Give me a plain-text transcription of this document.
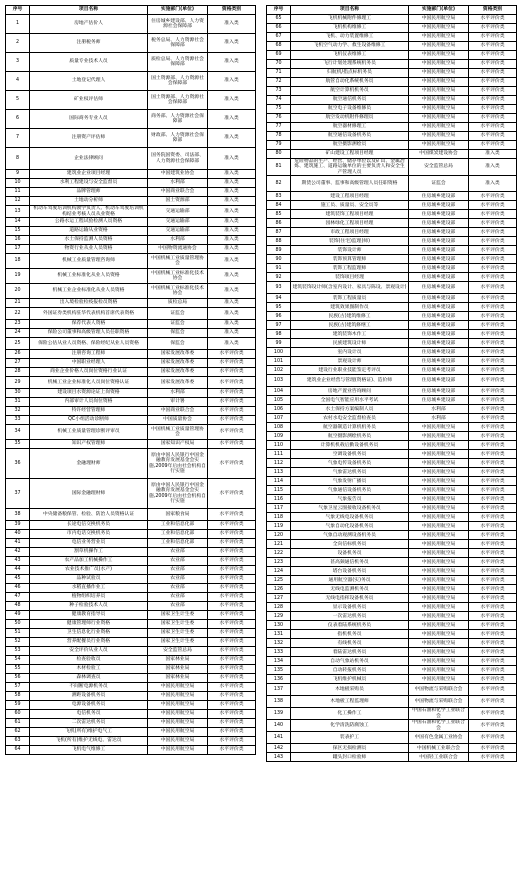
序号	项目名称	实施部门(单位)	资格类别
1	房地产估价人	住房城乡建设部、人力资源社会保障部	准入类
2	注册税务师	税务总局、人力资源社会保障部	准入类
3	质量专业技术人员	质检总局、人力资源社会保障部	准入类
4	土地登记代理人	国土资源部、人力资源社会保障部	准入类
5	矿业权评估师	国土资源部、人力资源社会保障部	准入类
6	国际商务专业人员	商务部、人力资源社会保障部	准入类
7	注册资产评估师	财政部、人力资源社会保障部	准入类
8	企业法律顾问	国务院国资委、司法部、人力资源社会保障部	准入类
9	建筑业企业项目经理	中国建筑业协会	准入类
10	水利工程建设与安全监督员	水利部	准入类
11	品牌管理师	中国商业联合会	准入类
12	土地动分析师	国土资源部	准入类
13	机动车驾驶培训机构教学负责人、机动车驾驶培训机构结业考核人员从业资格	交通运输部	准入类
14	公路水运工程试验检测人员资格	交通运输部	准入类
15	道路运输从业资格	交通运输部	准入类
16	水土保持监测人员资格	水利部	准入类
17	物资行业从业人员资格	中国物资流通协会	准入类
18	机械工业质量管理咨询师	中国机械工业质量管理协会	准入类
19	机械工业标准化从业人员资格	中国机械工业标准化技术协会	准入类
20	机械工业企业标准化从业人员资格	中国机械工业标准化技术协会	准入类
21	出入境检验检疫报检员资格	质检总局	准入类
22	外国证券类机构驻华代表机构首席代表资格	证监会	准入类
23	保荐代表人资格	证监会	准入类
24	保险公司董事和高级管理人员任职资格	保监会	准入类
25	保险公估从业人员资格、保险经纪从业人员资格	保监会	准入类
26	注册咨询工程师	国家发展改革委	水平评价类
27	中国职业经理人	国家发展改革委	水平评价类
28	商业企业价格人员岗位资格行业认证	国家发展改革委	水平评价类
29	机械工业企业标准化人员岗位资格认证	国家发展改革委	水平评价类
30	建设项目水资源论证上岗资格	水利部	水平评价类
31	内部审计人员岗位资格	审计署	水平评价类
32	特许经营管理师	中国商业联合会	水平评价类
33	QC小组活动诊断师	中国质量协会	水平评价类
34	机械工业质量管理诊断评审员	中国机械工业质量管理协会	水平评价类
35	知识产权管理师	国家知识产权局	水平评价类
36	金融理财师	原由中国人民银行中国金融教育发展基金会实施,2009年后由社会机构自行实施	水平评价类
37	国际金融理财师	原由中国人民银行中国金融教育发展基金会实施,2009年后由社会机构自行实施	水平评价类
38	中央储备粮保管、检验、防治人员资格认证	国家粮食局	水平评价类
39	长途电信交换机务员	工业和信息化部	水平评价类
40	市内电话交换机务员	工业和信息化部	水平评价类
41	电信业务营业员	工业和信息化部	水平评价类
42	割草机操作工	农业部	水平评价类
43	农产品加工机械操作工	农业部	水平评价类
44	农业技术推广员(水产)	农业部	水平评价类
45	品种试验员	农业部	水平评价类
46	水稻直播作业工	农业部	水平评价类
47	植物组织培养员	农业部	水平评价类
48	种子检验技术人员	农业部	水平评价类
49	健康教育指导员	国家卫生计生委	水平评价类
50	健康管理师行业资格	国家卫生计生委	水平评价类
51	卫生信息化行业资格	国家卫生计生委	水平评价类
52	营养配餐员行业资格	国家卫生计生委	水平评价类
53	安全评价从业人员	安全监管总局	水平评价类
54	检查验收员	国家林业局	水平评价类
55	木材检验工	国家林业局	水平评价类
56	森林调查员	国家林业局	水平评价类
57	不间断电源机务员	中国民用航空局	水平评价类
58	测距设备机务员	中国民用航空局	水平评价类
59	电源设备机务员	中国民用航空局	水平评价类
60	电信机务员	中国民用航空局	水平评价类
61	二次雷达机务员	中国民用航空局	水平评价类
62	飞机(所有)维护电气工	中国民用航空局	水平评价类
63	飞机(所有)维护无线电、雷达员	中国民用航空局	水平评价类
64	飞机电气维修工	中国民用航空局	水平评价类
序号	项目名称	实施部门(单位)	资格类别
65	飞机机械附件修理工	中国民用航空局	水平评价类
66	飞机机构维修工	中国民用航空局	水平评价类
67	飞机、动力装置维修工	中国民用航空局	水平评价类
68	飞机空气动力学、救生设备维修工	中国民用航空局	水平评价类
69	飞机仪表维修工	中国民用航空局	水平评价类
70	飞行计划处理系统机务员	中国民用航空局	水平评价类
71	归航机/指点标机务员	中国民用航空局	水平评价类
72	航管自动化系统机务员	中国民用航空局	水平评价类
73	航空计算机机务员	中国民用航空局	水平评价类
74	航空通信机务员	中国民用航空局	水平评价类
75	航空电子设备维修员	中国民用航空局	水平评价类
76	航空发动机附件修理员	中国民用航空局	水平评价类
77	航空器材修理工	中国民用航空局	水平评价类
78	航空通信设备机务员	中国民用航空局	水平评价类
79	航空摄影测绘员	中国民用航空局	水平评价类
80	矿山建设工程项目经理	中国煤炭建设协会	准入类
81	危险物品的生产、经营、储存单位以及矿山、金属冶炼、建筑施工、道路运输单位的主要负责人和安全生产管理人员	安全监管总局	准入类
82	期货公司董事、监事和高级管理人员任职资格	证监会	准入类
83	建设工程项目经理	住房城乡建设部	水平评价类
84	施工员、质量员、安全员等	住房城乡建设部	水平评价类
85	建筑装饰工程项目经理	住房城乡建设部	水平评价类
86	园林绿化工程项目经理	住房城乡建设部	水平评价类
87	市政工程项目经理	住房城乡建设部	水平评价类
88	装饰(住宅)监理(师)	住房城乡建设部	水平评价类
89	装饰设计师	住房城乡建设部	水平评价类
90	装饰预算管理师	住房城乡建设部	水平评价类
91	装饰工程监理师	住房城乡建设部	水平评价类
92	装饰项目经理	住房城乡建设部	水平评价类
93	建筑装饰设计师(含室内设计、家具与陈设、景观设计)	住房城乡建设部	水平评价类
94	装饰工程质量员	住房城乡建设部	水平评价类
95	建筑效果图制作员	住房城乡建设部	水平评价类
96	民族(古)建筑维修工	住房城乡建设部	水平评价类
97	民族(古)建筑修缮工	住房城乡建设部	水平评价类
98	建筑装饰木作工	住房城乡建设部	水平评价类
99	民族建筑设计师	住房城乡建设部	水平评价类
100	室内设计员	住房城乡建设部	水平评价类
101	景观设计师	住房城乡建设部	水平评价类
102	建设行业职业技能鉴定考评员	住房城乡建设部	水平评价类
103	建筑业企业经营与管理(资格证)、造价师	住房城乡建设部	水平评价类
104	房地产置业咨询顾问	住房城乡建设部	水平评价类
105	全国电气智能应用水平考试	住房城乡建设部	水平评价类
106	水土保持方案编制人员	水利部	水平评价类
107	农村水电安全监督检查员	水利部	水平评价类
108	航空器制造计算机机务员	中国民用航空局	水平评价类
109	航空摄影测绘机务员	中国民用航空局	水平评价类
110	计算机机载后勤设备机务员	中国民用航空局	水平评价类
111	空调设备机务员	中国民用航空局	水平评价类
112	气象电传设备机务员	中国民用航空局	水平评价类
113	气象雷达机务员	中国民用航空局	水平评价类
114	气象发射广播员	中国民用航空局	水平评价类
115	气象通信设备机务员	中国民用航空局	水平评价类
116	气象报告员	中国民用航空局	水平评价类
117	气象卫星云图接收设备机务员	中国民用航空局	水平评价类
118	气象无线电设备机务员	中国民用航空局	水平评价类
119	气象自动化设备机务员	中国民用航空局	水平评价类
120	气象自动观测设备机务员	中国民用航空局	水平评价类
121	全向信标机务员	中国民用航空局	水平评价类
122	设备机务员	中国民用航空局	水平评价类
123	甚高频通信机务员	中国民用航空局	水平评价类
124	塔台设备机务员	中国民用航空局	水平评价类
125	通用航空器(实)务员	中国民用航空局	水平评价类
126	无线电监测机务员	中国民用航空局	水平评价类
127	无线电指挥设备机务员	中国民用航空局	水平评价类
128	显示设备机务员	中国民用航空局	水平评价类
129	一次雷达机务员	中国民用航空局	水平评价类
130	仪表着陆系统机务员	中国民用航空局	水平评价类
131	指机机务员	中国民用航空局	水平评价类
132	有线机务员	中国民用航空局	水平评价类
133	着陆雷达机务员	中国民用航空局	水平评价类
134	自动气象站机务员	中国民用航空局	水平评价类
135	自动转报机务员	中国民用航空局	水平评价类
136	飞机维护机械员	中国民用航空局	水平评价类
137	木地板采购员	中国物流与采购联合会	水平评价类
138	木地板工程监理师	中国物流与采购联合会	水平评价类
139	化工操作工	中国石油和化学工业联合会	水平评价类
140	化学清洗防腐蚀工	中国石油和化学工业联合会	水平评价类
141	装表护工	中国有色金属工业协会	水平评价类
142	探区无损检测员	中国机械工业联合会	水平评价类
143	罐头封口检验师	中国轻工业联合会	水平评价类
